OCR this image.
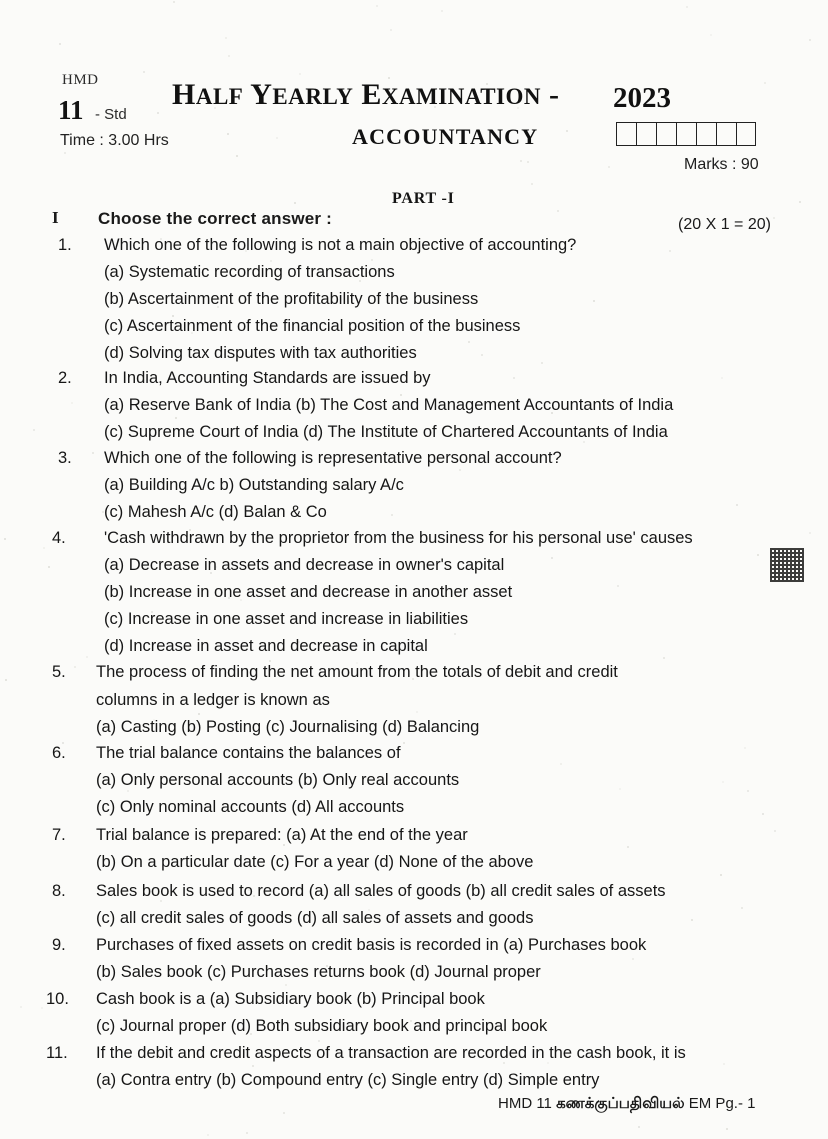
HMD
11 - Std
Time : 3.00 Hrs
HALF YEARLY EXAMINATION - 2023
ACCOUNTANCY
Marks : 90
PART -I
I Choose the correct answer :	(20 X 1 = 20)
1. Which one of the following is not a main objective of accounting?
(a) Systematic recording of transactions
(b) Ascertainment of the profitability of the business
(c) Ascertainment of the financial position of the business
(d) Solving tax disputes with tax authorities
2. In India, Accounting Standards are issued by
(a) Reserve Bank of India (b) The Cost and Management Accountants of India
(c) Supreme Court of India (d) The Institute of Chartered Accountants of India
3. Which one of the following is representative personal account?
(a) Building A/c b) Outstanding salary A/c
(c) Mahesh A/c (d) Balan & Co
4. 'Cash withdrawn by the proprietor from the business for his personal use' causes
(a) Decrease in assets and decrease in owner's capital
(b) Increase in one asset and decrease in another asset
(c) Increase in one asset and increase in liabilities
(d) Increase in asset and decrease in capital
5. The process of finding the net amount from the totals of debit and credit
columns in a ledger is known as
(a) Casting (b) Posting (c) Journalising (d) Balancing
6. The trial balance contains the balances of
(a) Only personal accounts (b) Only real accounts
(c) Only nominal accounts (d) All accounts
7. Trial balance is prepared: (a) At the end of the year
(b) On a particular date (c) For a year (d) None of the above
8. Sales book is used to record (a) all sales of goods (b) all credit sales of assets
(c) all credit sales of goods (d) all sales of assets and goods
9. Purchases of fixed assets on credit basis is recorded in (a) Purchases book
(b) Sales book (c) Purchases returns book (d) Journal proper
10. Cash book is a (a) Subsidiary book (b) Principal book
(c) Journal proper (d) Both subsidiary book and principal book
11. If the debit and credit aspects of a transaction are recorded in the cash book, it is
(a) Contra entry (b) Compound entry (c) Single entry (d) Simple entry
HMD 11 கணக்குப்பதிவியல் EM Pg.- 1
